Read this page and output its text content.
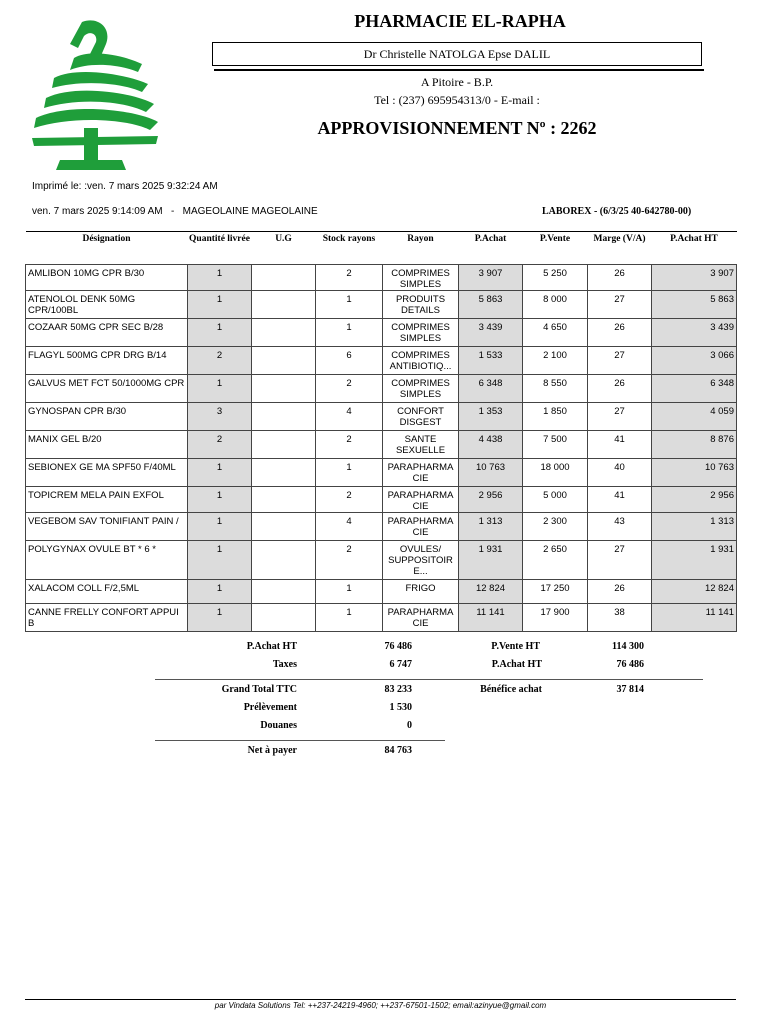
PHARMACIE EL-RAPHA
Dr Christelle NATOLGA Epse DALIL
A Pitoire - B.P.
Tel : (237) 695954313/0 - E-mail :
APPROVISIONNEMENT Nº : 2262
Imprimé le: :ven. 7 mars 2025 9:32:24 AM
ven. 7 mars 2025 9:14:09 AM   -   MAGEOLAINE MAGEOLAINE	LABOREX - (6/3/25 40-642780-00)
Désignation	Quantité livrée	U.G	Stock rayons	Rayon	P.Achat	P.Vente	Marge (V/A)	P.Achat HT

AMLIBON 10MG CPR B/30	1		2	COMPRIMES SIMPLES	3 907	5 250	26	3 907
ATENOLOL DENK 50MG CPR/100BL	1		1	PRODUITS DETAILS	5 863	8 000	27	5 863
COZAAR 50MG CPR SEC B/28	1		1	COMPRIMES SIMPLES	3 439	4 650	26	3 439
FLAGYL 500MG CPR DRG B/14	2		6	COMPRIMES ANTIBIOTIQ...	1 533	2 100	27	3 066
GALVUS MET FCT 50/1000MG CPR	1		2	COMPRIMES SIMPLES	6 348	8 550	26	6 348
GYNOSPAN CPR B/30	3		4	CONFORT DISGEST	1 353	1 850	27	4 059
MANIX GEL B/20	2		2	SANTE SEXUELLE	4 438	7 500	41	8 876
SEBIONEX GE MA SPF50 F/40ML	1		1	PARAPHARMA CIE	10 763	18 000	40	10 763
TOPICREM MELA PAIN EXFOL	1		2	PARAPHARMA CIE	2 956	5 000	41	2 956
VEGEBOM SAV TONIFIANT PAIN /	1		4	PARAPHARMA CIE	1 313	2 300	43	1 313
POLYGYNAX OVULE BT * 6 *	1		2	OVULES/ SUPPOSITOIR E...	1 931	2 650	27	1 931
XALACOM COLL F/2,5ML	1		1	FRIGO	12 824	17 250	26	12 824
CANNE FRELLY CONFORT APPUI B	1		1	PARAPHARMA CIE	11 141	17 900	38	11 141
P.Achat HT	76 486
Taxes	6 747
P.Vente HT	114 300
P.Achat HT	76 486
Grand Total TTC	83 233	Bénéfice achat	37 814
Prélèvement	1 530
Douanes	0
Net à payer	84 763
par Vindata Solutions Tel: ++237-24219-4960; ++237-67501-1502; email:azinyue@gmail.com
